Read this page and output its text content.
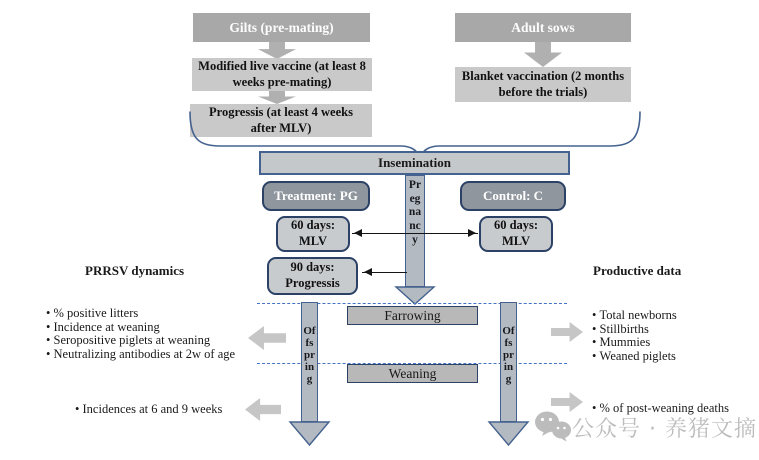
Gilts (pre-mating)
Modified live vaccine (at least 8 weeks pre-mating)
Progressis (at least 4 weeks after MLV)
Adult sows
Blanket vaccination (2 months before the trials)
Insemination
Pregnancy
Treatment: PG	Control: C
60 days: MLV
60 days: MLV
90 days: Progressis
Offspring
Offspring
Farrowing
Weaning
PRRSV dynamics
• % positive litters
• Incidence at weaning
• Seropositive piglets at weaning
• Neutralizing antibodies at 2w of age
• Incidences at 6 and 9 weeks
Productive data
• Total newborns
• Stillbirths
• Mummies
• Weaned piglets
• % of post-weaning deaths
公众号 · 养猪文摘
